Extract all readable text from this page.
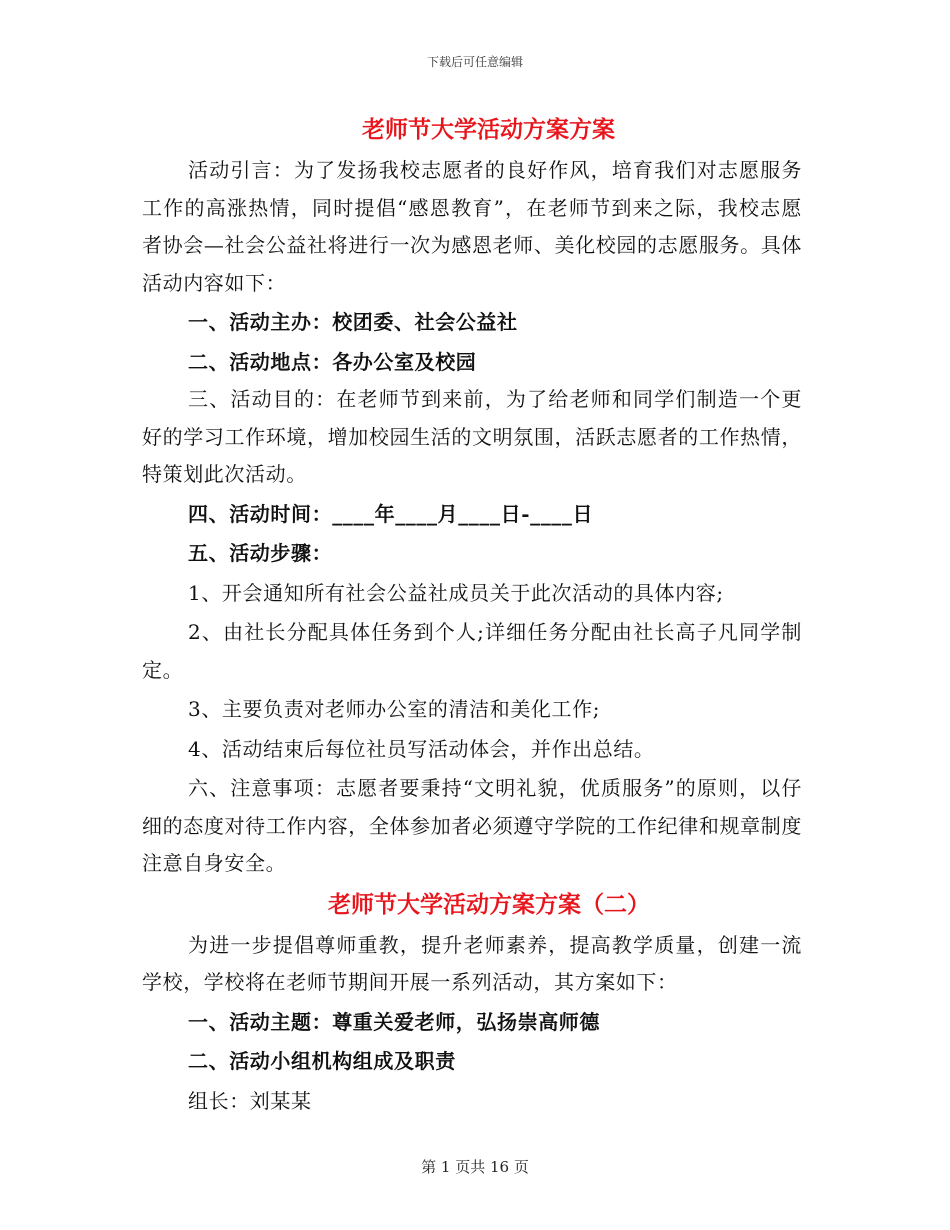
下载后可任意编辑
老师节大学活动方案方案

活动引言：为了发扬我校志愿者的良好作风，培育我们对志愿服务工作的高涨热情，同时提倡“感恩教育”，在老师节到来之际，我校志愿者协会—社会公益社将进行一次为感恩老师、美化校园的志愿服务。具体活动内容如下：

一、活动主办：校团委、社会公益社

二、活动地点：各办公室及校园

三、活动目的：在老师节到来前，为了给老师和同学们制造一个更好的学习工作环境，增加校园生活的文明氛围，活跃志愿者的工作热情，特策划此次活动。

四、活动时间：____年____月____日-____日

五、活动步骤：

1、开会通知所有社会公益社成员关于此次活动的具体内容;

2、由社长分配具体任务到个人;详细任务分配由社长高子凡同学制定。

3、主要负责对老师办公室的清洁和美化工作;

4、活动结束后每位社员写活动体会，并作出总结。

六、注意事项：志愿者要秉持“文明礼貌，优质服务”的原则，以仔细的态度对待工作内容，全体参加者必须遵守学院的工作纪律和规章制度注意自身安全。

老师节大学活动方案方案（二）

为进一步提倡尊师重教，提升老师素养，提高教学质量，创建一流学校，学校将在老师节期间开展一系列活动，其方案如下：

一、活动主题：尊重关爱老师，弘扬崇高师德

二、活动小组机构组成及职责

组长：刘某某

第 1 页共 16 页
